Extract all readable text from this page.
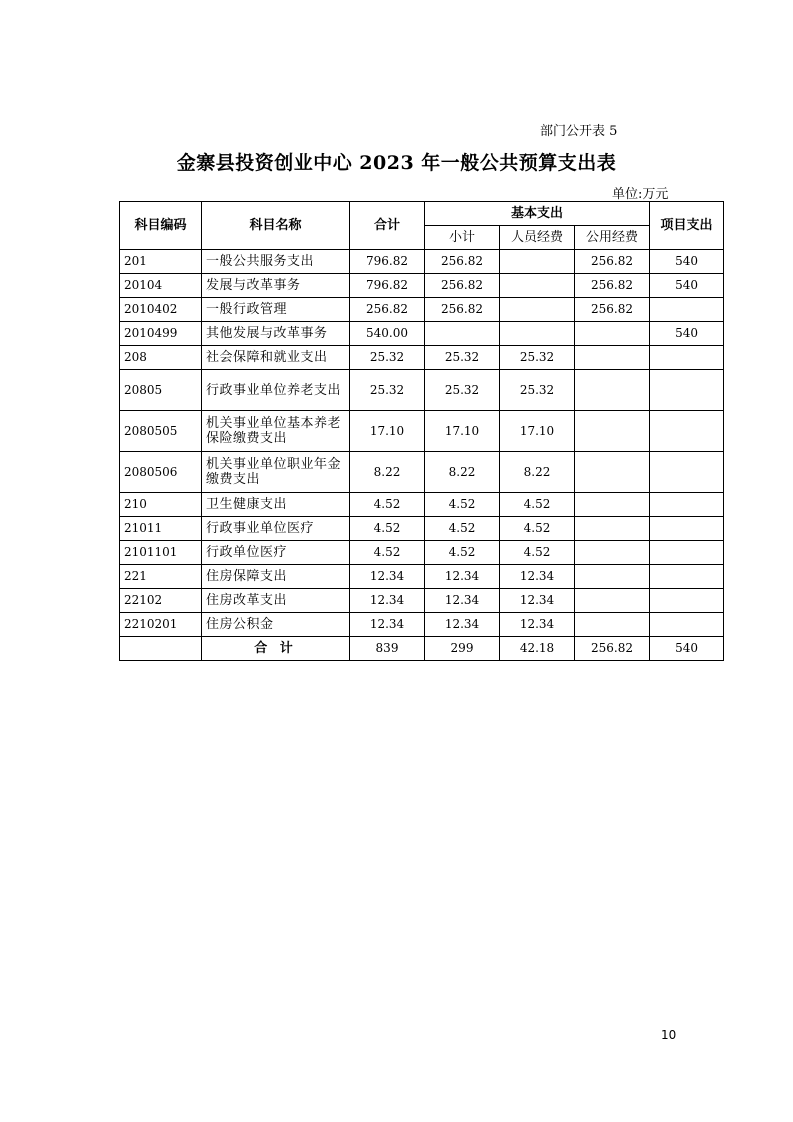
部门公开表 5
金寨县投资创业中心 2023 年一般公共预算支出表
单位:万元
科目编码	科目名称	合计	基本支出			项目支出
			小计	人员经费	公用经费	
201	一般公共服务支出	796.82	256.82		256.82	540
20104	发展与改革事务	796.82	256.82		256.82	540
2010402	一般行政管理	256.82	256.82		256.82	
2010499	其他发展与改革事务	540.00				540
208	社会保障和就业支出	25.32	25.32	25.32		
20805	行政事业单位养老支出	25.32	25.32	25.32		
2080505	机关事业单位基本养老保险缴费支出	17.10	17.10	17.10		
2080506	机关事业单位职业年金缴费支出	8.22	8.22	8.22		
210	卫生健康支出	4.52	4.52	4.52		
21011	行政事业单位医疗	4.52	4.52	4.52		
2101101	行政单位医疗	4.52	4.52	4.52		
221	住房保障支出	12.34	12.34	12.34		
22102	住房改革支出	12.34	12.34	12.34		
2210201	住房公积金	12.34	12.34	12.34		
	合 计	839	299	42.18	256.82	540
10
